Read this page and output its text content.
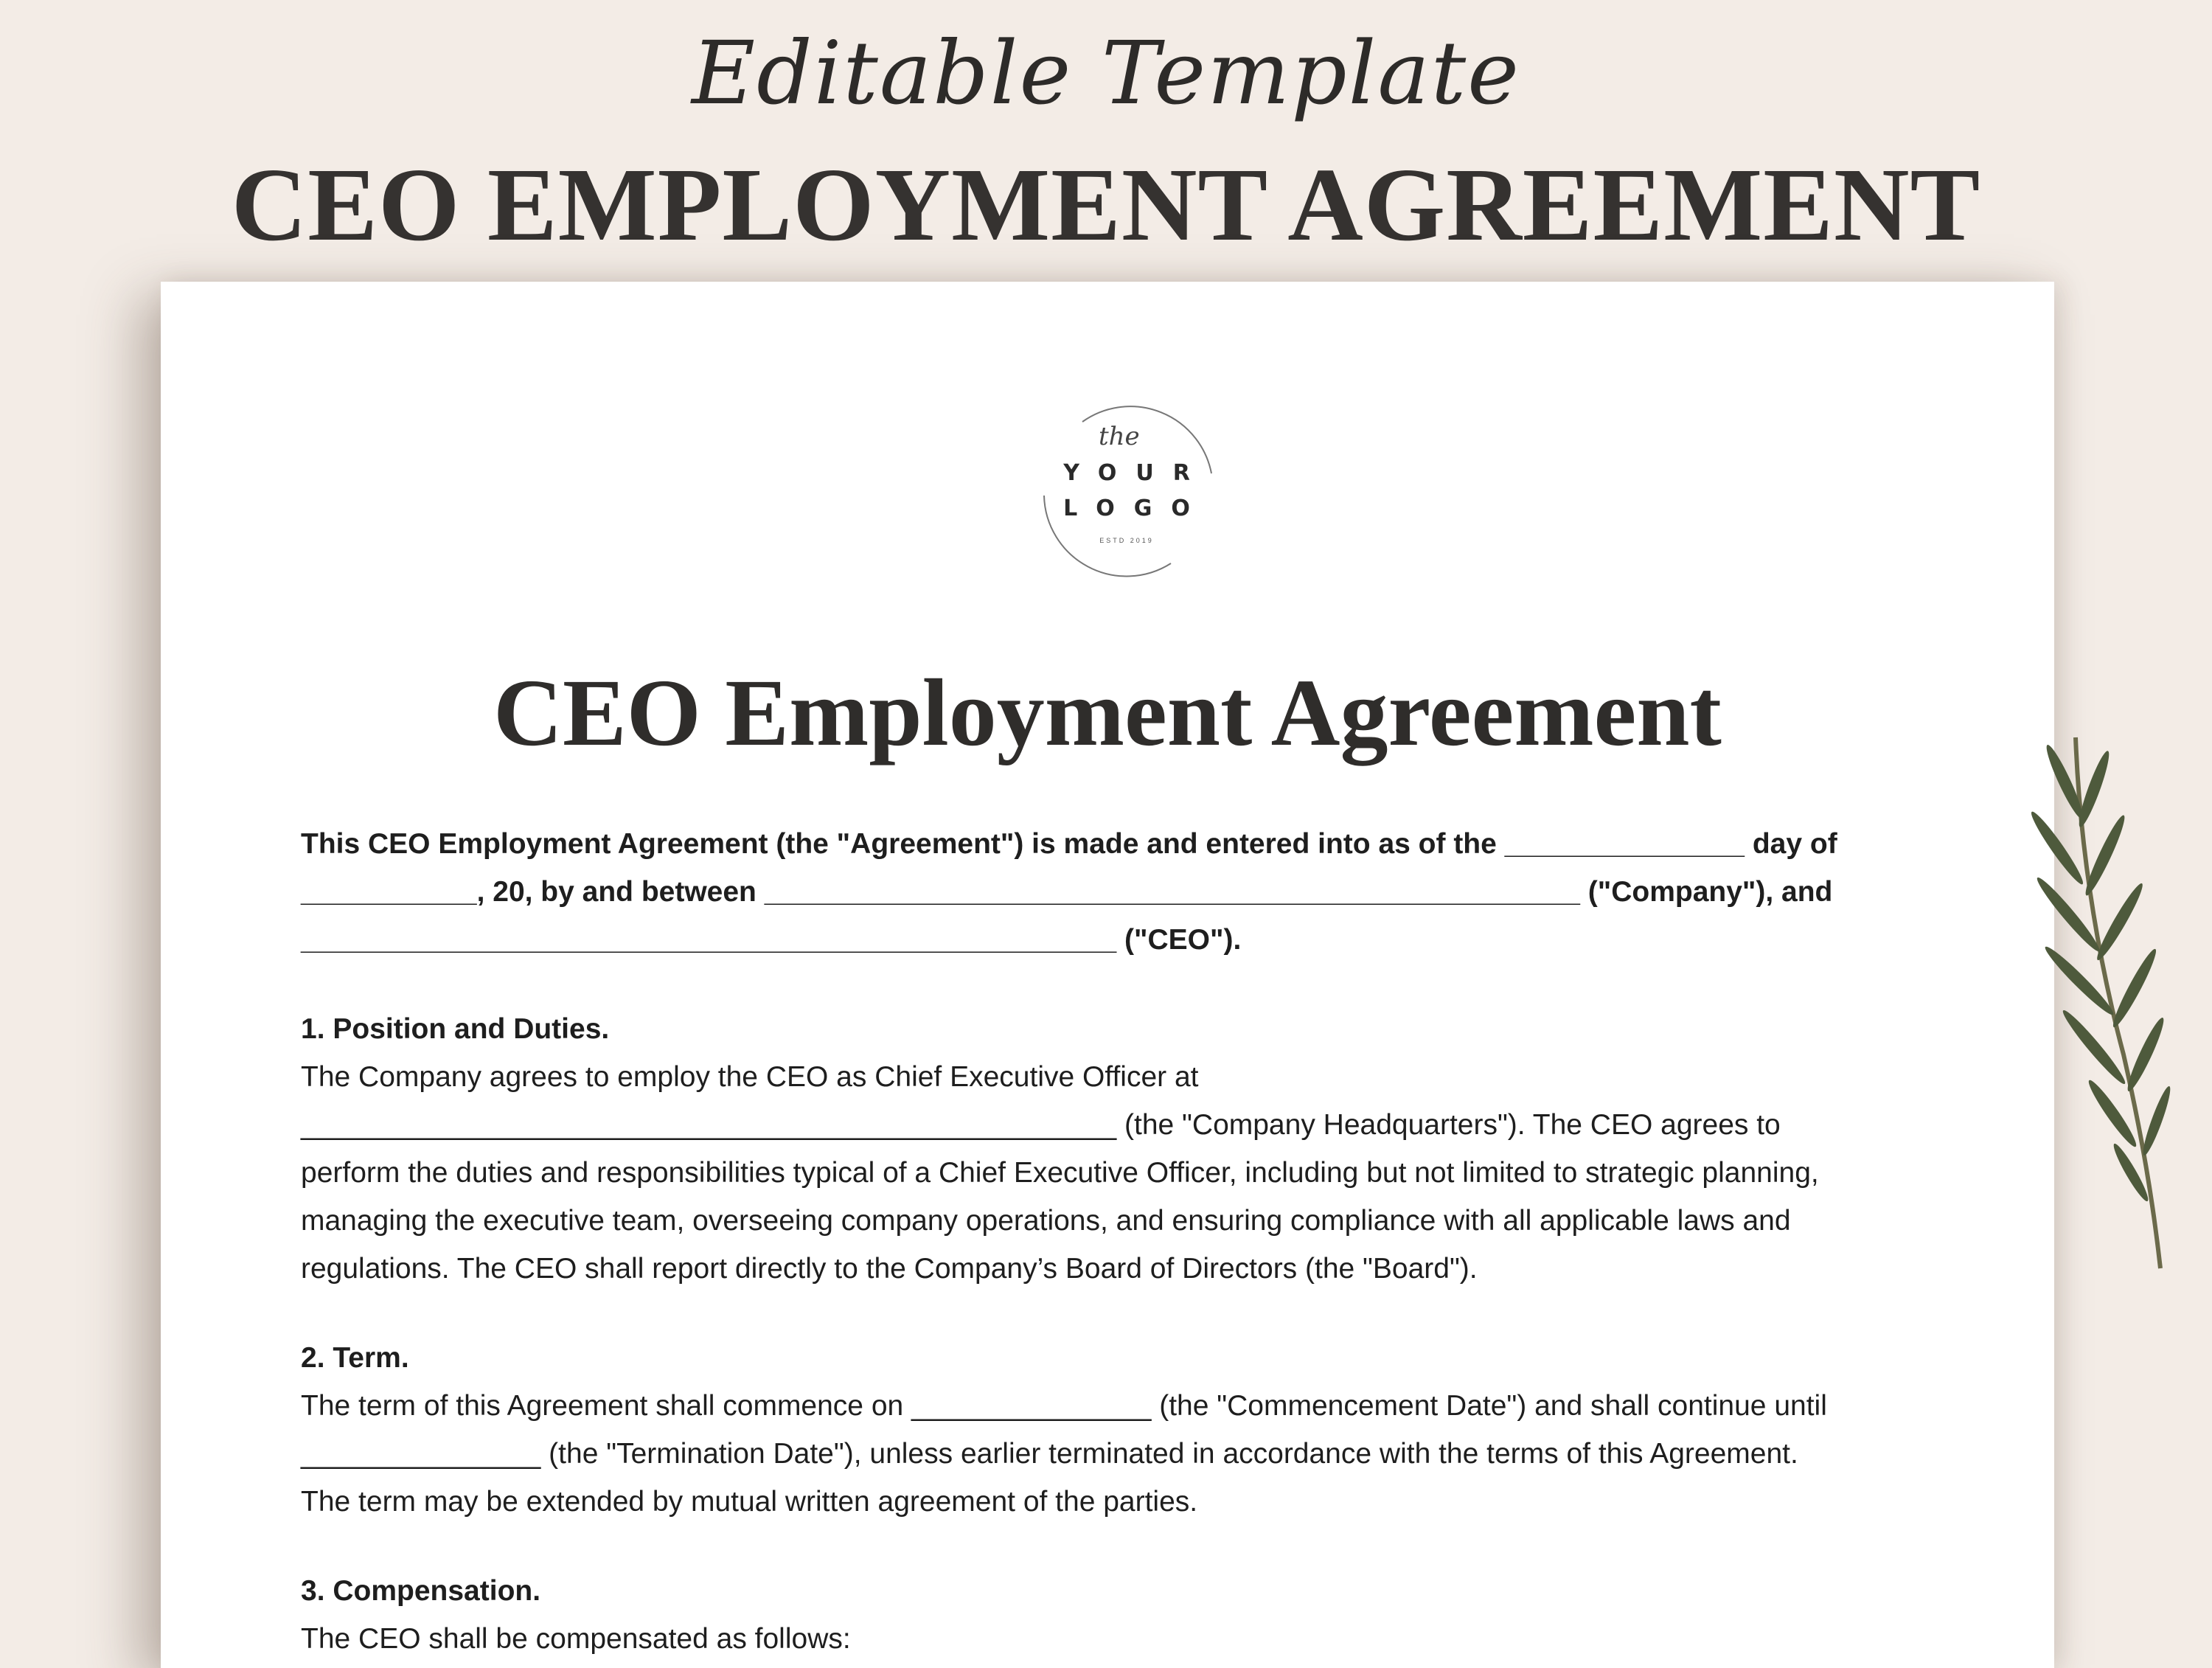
Editable Template
CEO EMPLOYMENT AGREEMENT
the
YOUR
LOGO
ESTD 2019
CEO Employment Agreement

This CEO Employment Agreement (the "Agreement") is made and entered into as of the _______________ day of

___________, 20, by and between ___________________________________________________ ("Company"), and

___________________________________________________ ("CEO").

1. Position and Duties.

The Company agrees to employ the CEO as Chief Executive Officer at

___________________________________________________ (the "Company Headquarters"). The CEO agrees to

perform the duties and responsibilities typical of a Chief Executive Officer, including but not limited to strategic planning,

managing the executive team, overseeing company operations, and ensuring compliance with all applicable laws and

regulations. The CEO shall report directly to the Company’s Board of Directors (the "Board").

2. Term.

The term of this Agreement shall commence on _______________ (the "Commencement Date") and shall continue until

_______________ (the "Termination Date"), unless earlier terminated in accordance with the terms of this Agreement.

The term may be extended by mutual written agreement of the parties.

3. Compensation.

The CEO shall be compensated as follows:
